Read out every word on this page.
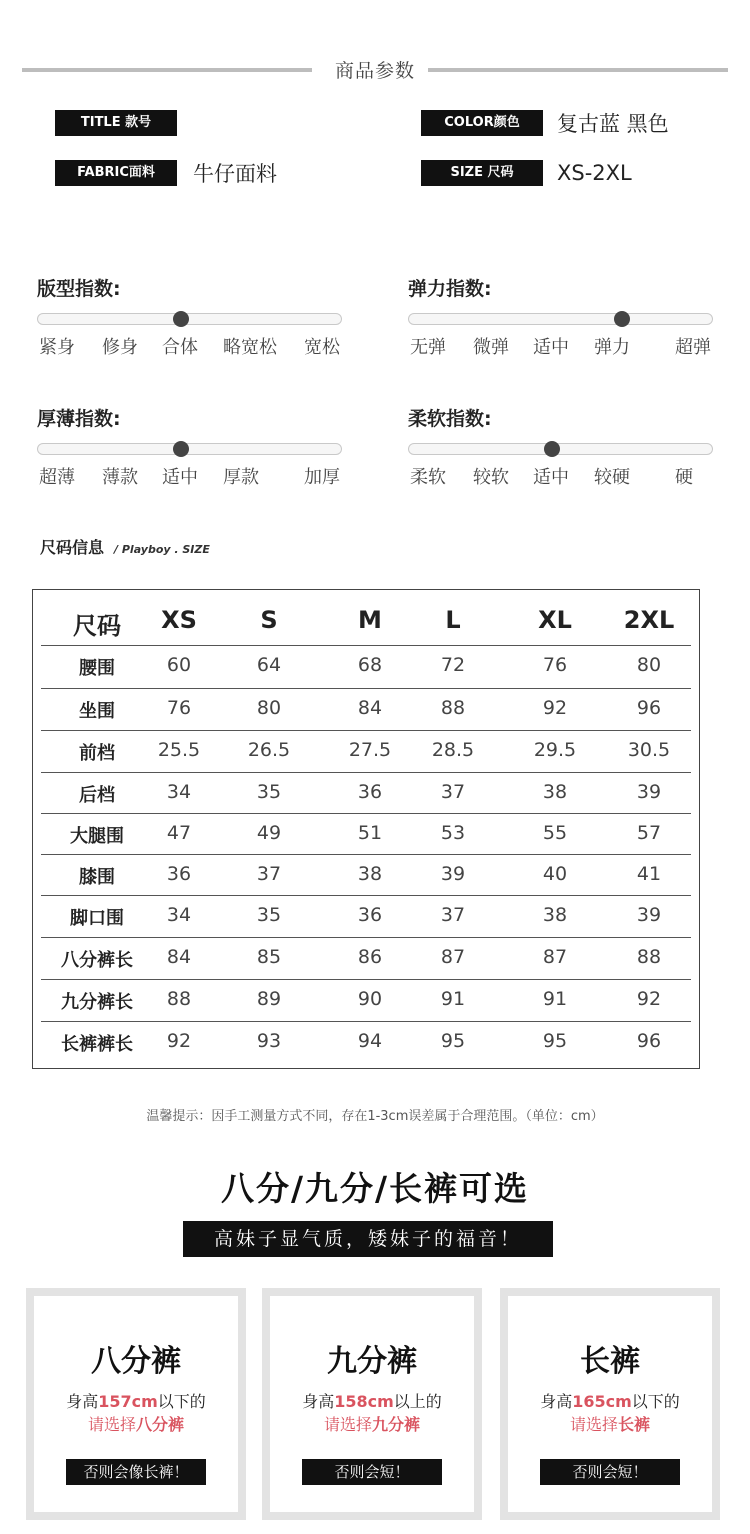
商品参数
TITLE 款号	COLOR颜色	复古蓝 黑色
FABRIC面料	牛仔面料	SIZE 尺码	XS-2XL
版型指数:
紧身 修身 合体 略宽松 宽松
弹力指数:
无弹 微弹 适中 弹力	超弹
厚薄指数:
超薄 薄款 适中 厚款	加厚
柔软指数:
柔软 较软 适中 较硬	硬
尺码信息 / Playboy . SIZE
尺码	XS	S	M	L	XL	2XL
腰围	60	64	68	72	76	80
坐围	76	80	84	88	92	96
前档	25.5	26.5	27.5	28.5	29.5	30.5
后档	34	35	36	37	38	39
大腿围	47	49	51	53	55	57
膝围	36	37	38	39	40	41
脚口围	34	35	36	37	38	39
八分裤长	84	85	86	87	87	88
九分裤长	88	89	90	91	91	92
长裤裤长	92	93	94	95	95	96
温馨提示：因手工测量方式不同，存在1-3cm误差属于合理范围。（单位：cm）
八分/九分/长裤可选
高妹子显气质，矮妹子的福音！
八分裤
身高157cm以下的
请选择八分裤
否则会像长裤！
九分裤
身高158cm以上的
请选择九分裤
否则会短！
长裤
身高165cm以下的
请选择长裤
否则会短！
